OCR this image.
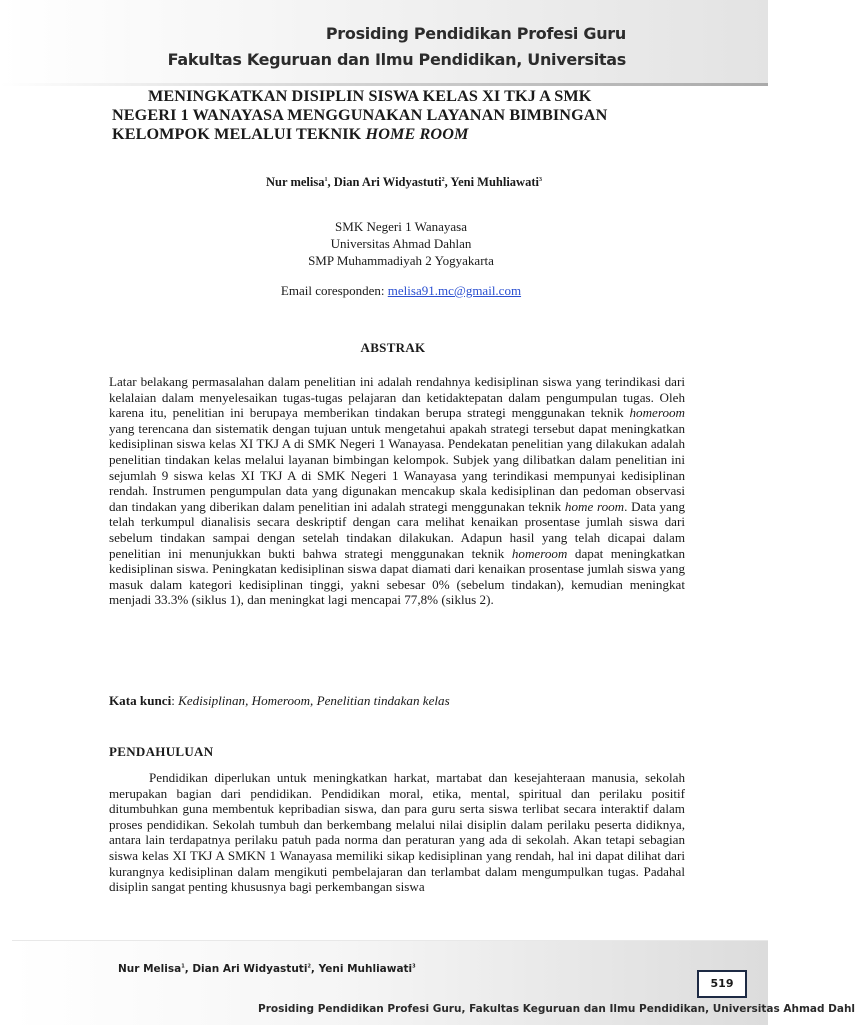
Prosiding Pendidikan Profesi Guru
Fakultas Keguruan dan Ilmu Pendidikan, Universitas
MENINGKATKAN DISIPLIN SISWA KELAS XI TKJ A SMK
NEGERI 1 WANAYASA MENGGUNAKAN LAYANAN BIMBINGAN
KELOMPOK MELALUI TEKNIK HOME ROOM
Nur melisa$^1$, Dian Ari Widyastuti$^2$, Yeni Muhliawati$^3$
SMK Negeri 1 Wanayasa
Universitas Ahmad Dahlan
SMP Muhammadiyah 2 Yogyakarta
Email coresponden: melisa91.mc@gmail.com
ABSTRAK
Latar belakang permasalahan dalam penelitian ini adalah rendahnya kedisiplinan siswa yang terindikasi dari kelalaian dalam menyelesaikan tugas-tugas pelajaran dan ketidaktepatan dalam pengumpulan tugas. Oleh karena itu, penelitian ini berupaya memberikan tindakan berupa strategi menggunakan teknik homeroom yang terencana dan sistematik dengan tujuan untuk mengetahui apakah strategi tersebut dapat meningkatkan kedisiplinan siswa kelas XI TKJ A di SMK Negeri 1 Wanayasa. Pendekatan penelitian yang dilakukan adalah penelitian tindakan kelas melalui layanan bimbingan kelompok. Subjek yang dilibatkan dalam penelitian ini sejumlah 9 siswa kelas XI TKJ A di SMK Negeri 1 Wanayasa yang terindikasi mempunyai kedisiplinan rendah. Instrumen pengumpulan data yang digunakan mencakup skala kedisiplinan dan pedoman observasi dan tindakan yang diberikan dalam penelitian ini adalah strategi menggunakan teknik home room. Data yang telah terkumpul dianalisis secara deskriptif dengan cara melihat kenaikan prosentase jumlah siswa dari sebelum tindakan sampai dengan setelah tindakan dilakukan. Adapun hasil yang telah dicapai dalam penelitian ini menunjukkan bukti bahwa strategi menggunakan teknik homeroom dapat meningkatkan kedisiplinan siswa. Peningkatan kedisiplinan siswa dapat diamati dari kenaikan prosentase jumlah siswa yang masuk dalam kategori kedisiplinan tinggi, yakni sebesar 0% (sebelum tindakan), kemudian meningkat menjadi 33.3% (siklus 1), dan meningkat lagi mencapai 77,8% (siklus 2).
Kata kunci: Kedisiplinan, Homeroom, Penelitian tindakan kelas
PENDAHULUAN
Pendidikan diperlukan untuk meningkatkan harkat, martabat dan kesejahteraan manusia, sekolah merupakan bagian dari pendidikan. Pendidikan moral, etika, mental, spiritual dan perilaku positif ditumbuhkan guna membentuk kepribadian siswa, dan para guru serta siswa terlibat secara interaktif dalam proses pendidikan. Sekolah tumbuh dan berkembang melalui nilai disiplin dalam perilaku peserta didiknya, antara lain terdapatnya perilaku patuh pada norma dan peraturan yang ada di sekolah. Akan tetapi sebagian siswa kelas XI TKJ A SMKN 1 Wanayasa memiliki sikap kedisiplinan yang rendah, hal ini dapat dilihat dari kurangnya kedisiplinan dalam mengikuti pembelajaran dan terlambat dalam mengumpulkan tugas. Padahal disiplin sangat penting khususnya bagi perkembangan siswa
Nur Melisa$^1$, Dian Ari Widyastuti$^2$, Yeni Muhliawati$^3$
519
Prosiding Pendidikan Profesi Guru, Fakultas Keguruan dan Ilmu Pendidikan, Universitas Ahmad Dahl
